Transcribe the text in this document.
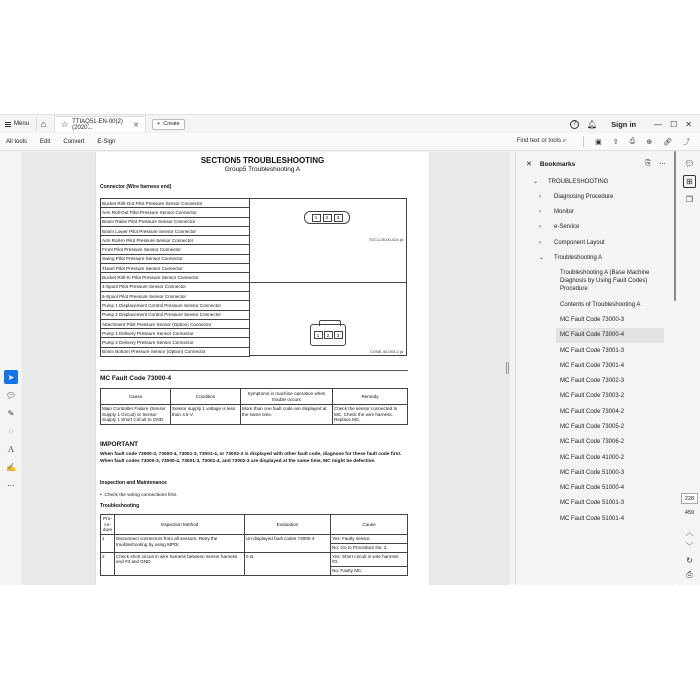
Menu	⌂	☆ TTIAQ51-EN-00(2)(2020...	✕	+ Create	?	🔔︎ Sign in — ☐ ✕
All tools Edit Convert E-Sign	Find text or tools ⌕	▣ ⇪ ⎙ ⊕ 🔗︎ ⤴
➤
💬︎
✎
◌
Ａ
✍
⋯
SECTION5 TROUBLESHOOTING
Group5 Troubleshooting A
Connector (Wire harness end)
Bucket Roll-Out Pilot Pressure Sensor Connector
Arm Roll-Out Pilot Pressure Sensor Connector
Boom Raise Pilot Pressure Sensor Connector
Boom Lower Pilot Pressure Sensor Connector
Arm Roll-In Pilot Pressure Sensor Connector
Front Pilot Pressure Sensor Connector
Swing Pilot Pressure Sensor Connector
Travel Pilot Pressure Sensor Connector
Bucket Roll-In Pilot Pressure Sensor Connector
4-Spool Pilot Pressure Sensor Connector
5-Spool Pilot Pressure Sensor Connector
Pump 1 Displacement Control Pressure Sensor Connector
Pump 2 Displacement Control Pressure Sensor Connector
Attachment Pilot Pressure Sensor (Option) Connector
Pump 1 Delivery Pressure Sensor Connector
Pump 2 Delivery Pressure Sensor Connector
Boom Bottom Pressure Sensor (Option) Connector
1	2	3
TDC1-05-00-024 ja
1	2	3
CONE-40-003-2 ja
MC Fault Code 73000-4
Cause	Condition	Symptoms in machine operation when trouble occurs	Remedy
Main Controller Failure (Sensor Supply 1 Circuit) or Sensor Supply 1 Short Circuit to GND	Sensor supply 1 voltage is less than 4.5 V.	More than one fault code are displayed at the same time.	Check the sensor connected to MC. Check the wire harness. Replace MC.
IMPORTANT
When fault code 73000-3, 73000-4, 73001-3, 73001-4, or 73002-3 is displayed with other fault code, diagnose for these fault code first. When fault codes 73000-3, 73000-4, 73001-3, 73001-4, and 73002-3 are displayed at the same time, MC might be defective.
Inspection and Maintenance
•  Check the wiring connections first.
Troubleshooting
Pro-ce-dure	Inspection Method	Evaluation	Cause
1	Disconnect connectors from all sensors. Retry the troubleshooting by using MPDr.	Un-displayed fault codes 73000-4	Yes: Faulty sensor.
			No: Go to Procedure No. 2.
2	Check short circuit in wire harness between sensor harness end #3 and GND.	0 Ω	Yes: Short circuit in wire harness #3.
			No: Faulty MC.
✕ Bookmarks	⎘ ⋯
⌄ TROUBLESHOOTING
› Diagnosing Procedure
› Monitor
› e-Service
› Component Layout
⌄ Troubleshooting A
Troubleshooting A (Base Machine Diagnosis by Using Fault Codes) Procedure
Contents of Troubleshooting A
MC Fault Code 73000-3
MC Fault Code 73000-4
MC Fault Code 73001-3
MC Fault Code 73001-4
MC Fault Code 73002-3
MC Fault Code 73003-2
MC Fault Code 73004-2
MC Fault Code 73005-2
MC Fault Code 73006-2
MC Fault Code 41000-2
MC Fault Code 51000-3
MC Fault Code 51000-4
MC Fault Code 51001-3
MC Fault Code 51001-4
💬︎
⊞
❐
228
459
︿
﹀
↻
⎙
